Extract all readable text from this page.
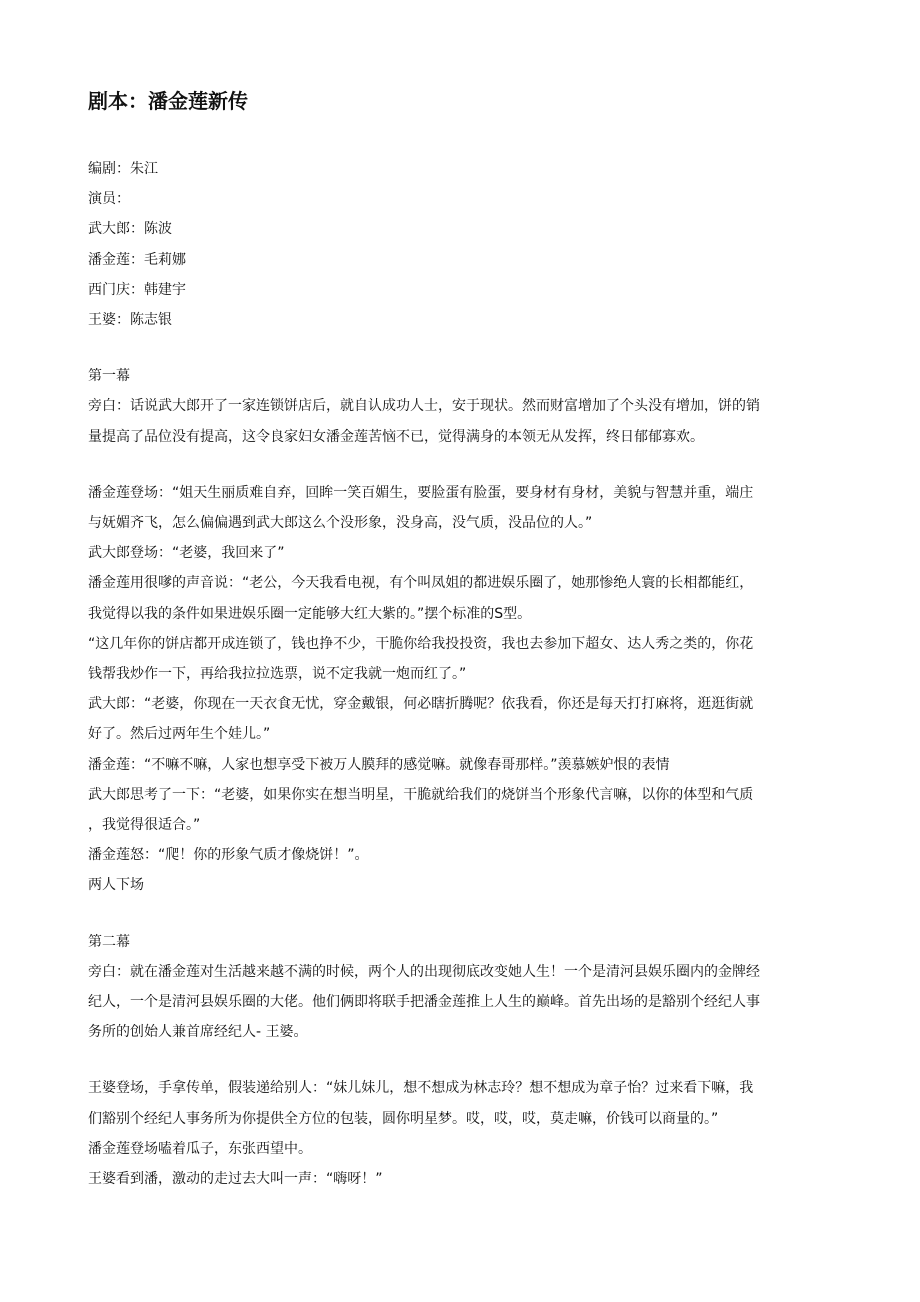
剧本：潘金莲新传

编剧：朱江

演员：

武大郎：陈波

潘金莲：毛莉娜

西门庆：韩建宇

王婆：陈志银

第一幕

旁白：话说武大郎开了一家连锁饼店后，就自认成功人士，安于现状。然而财富增加了个头没有增加，饼的销

量提高了品位没有提高，这令良家妇女潘金莲苦恼不已，觉得满身的本领无从发挥，终日郁郁寡欢。

潘金莲登场：“姐天生丽质难自弃，回眸一笑百媚生，要脸蛋有脸蛋，要身材有身材，美貌与智慧并重，端庄

与妩媚齐飞，怎么偏偏遇到武大郎这么个没形象，没身高，没气质，没品位的人。”

武大郎登场：“老婆，我回来了”

潘金莲用很嗲的声音说：“老公，今天我看电视，有个叫凤姐的都进娱乐圈了，她那惨绝人寰的长相都能红，

我觉得以我的条件如果进娱乐圈一定能够大红大紫的。”摆个标准的S型。

“这几年你的饼店都开成连锁了，钱也挣不少，干脆你给我投投资，我也去参加下超女、达人秀之类的，你花

钱帮我炒作一下，再给我拉拉选票，说不定我就一炮而红了。”

武大郎：“老婆，你现在一天衣食无忧，穿金戴银，何必瞎折腾呢？依我看，你还是每天打打麻将，逛逛街就

好了。然后过两年生个娃儿。”

潘金莲：“不嘛不嘛，人家也想享受下被万人膜拜的感觉嘛。就像春哥那样。”羡慕嫉妒恨的表情

武大郎思考了一下：“老婆，如果你实在想当明星，干脆就给我们的烧饼当个形象代言嘛，以你的体型和气质

，我觉得很适合。”

潘金莲怒：“爬！你的形象气质才像烧饼！”。

两人下场

第二幕

旁白：就在潘金莲对生活越来越不满的时候，两个人的出现彻底改变她人生！一个是清河县娱乐圈内的金牌经

纪人，一个是清河县娱乐圈的大佬。他们俩即将联手把潘金莲推上人生的巅峰。首先出场的是豁别个经纪人事

务所的创始人兼首席经纪人- 王婆。

王婆登场，手拿传单，假装递给别人：“妹儿妹儿，想不想成为林志玲？想不想成为章子怡？过来看下嘛，我

们豁别个经纪人事务所为你提供全方位的包装，圆你明星梦。哎，哎，哎，莫走嘛，价钱可以商量的。”

潘金莲登场嗑着瓜子，东张西望中。

王婆看到潘，激动的走过去大叫一声：“嗨呀！”
